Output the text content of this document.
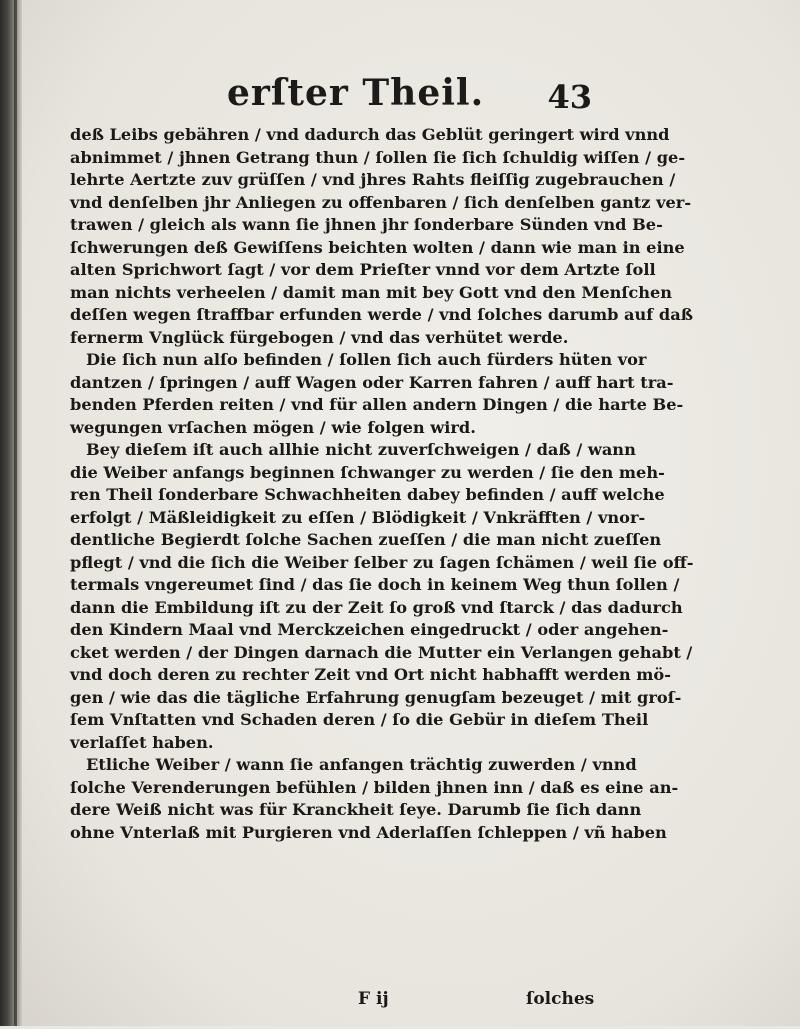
erſter Theil. 43
deß Leibs gebähren / vnd dadurch das Geblüt geringert wird vnnd
abnimmet / jhnen Getrang thun / ſollen ſie ſich ſchuldig wiſſen / ge-
lehrte Aertzte zuv grüſſen / vnd jhres Rahts fleiſſig zugebrauchen /
vnd denſelben jhr Anliegen zu offenbaren / ſich denſelben gantz ver-
trawen / gleich als wann ſie jhnen jhr ſonderbare Sünden vnd Be-
ſchwerungen deß Gewiſſens beichten wolten / dann wie man in eine
alten Sprichwort ſagt / vor dem Prieſter vnnd vor dem Artzte ſoll
man nichts verheelen / damit man mit bey Gott vnd den Menſchen
deſſen wegen ſtraffbar erfunden werde / vnd ſolches darumb auf daß
fernerm Vnglück fürgebogen / vnd das verhütet werde.
Die ſich nun alſo befinden / ſollen ſich auch fürders hüten vor
dantzen / ſpringen / auff Wagen oder Karren fahren / auff hart tra-
benden Pferden reiten / vnd für allen andern Dingen / die harte Be-
wegungen vrſachen mögen / wie folgen wird.
Bey dieſem iſt auch allhie nicht zuverſchweigen / daß / wann
die Weiber anfangs beginnen ſchwanger zu werden / ſie den meh-
ren Theil ſonderbare Schwachheiten dabey befinden / auff welche
erfolgt / Mäßleidigkeit zu eſſen / Blödigkeit / Vnkräfften / vnor-
dentliche Begierdt ſolche Sachen zueſſen / die man nicht zueſſen
pflegt / vnd die ſich die Weiber ſelber zu ſagen ſchämen / weil ſie off-
termals vngereumet ſind / das ſie doch in keinem Weg thun ſollen /
dann die Embildung iſt zu der Zeit ſo groß vnd ſtarck / das dadurch
den Kindern Maal vnd Merckzeichen eingedruckt / oder angehen-
cket werden / der Dingen darnach die Mutter ein Verlangen gehabt /
vnd doch deren zu rechter Zeit vnd Ort nicht habhafft werden mö-
gen / wie das die tägliche Erfahrung genugſam bezeuget / mit groſ-
ſem Vnſtatten vnd Schaden deren / ſo die Gebür in dieſem Theil
verlaſſet haben.
Etliche Weiber / wann ſie anfangen trächtig zuwerden / vnnd
ſolche Verenderungen befühlen / bilden jhnen inn / daß es eine an-
dere Weiß nicht was für Kranckheit ſeye. Darumb ſie ſich dann
ohne Vnterlaß mit Purgieren vnd Aderlaſſen ſchleppen / vñ haben
F ij	ſolches
